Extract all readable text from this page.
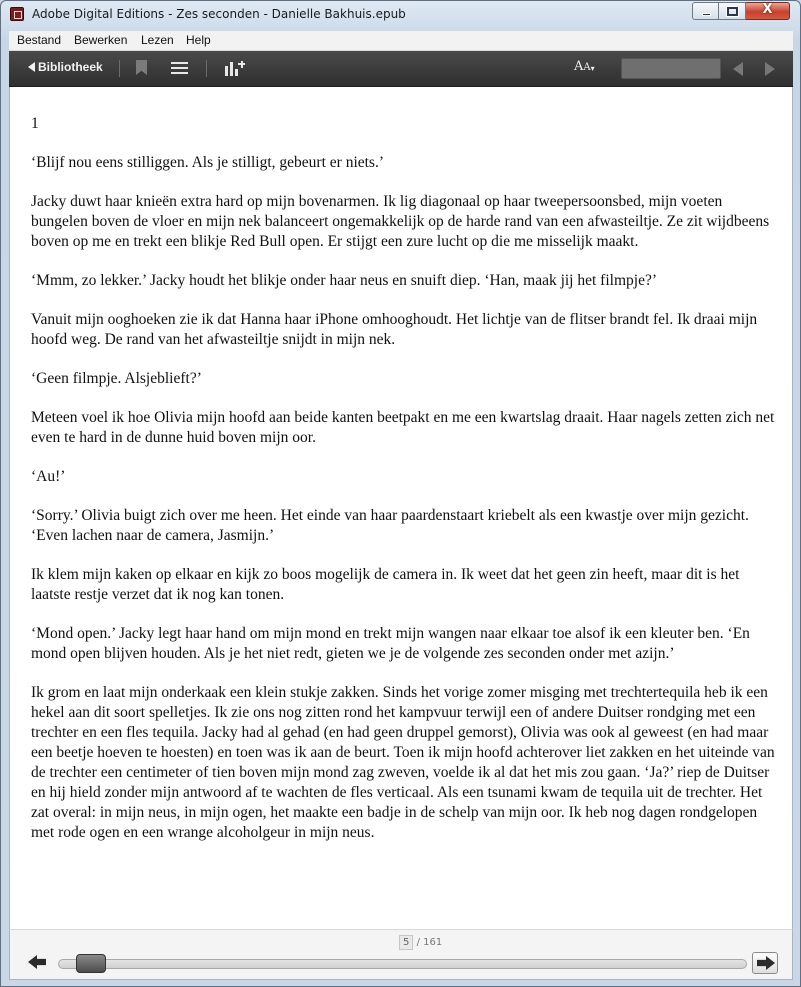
Adobe Digital Editions - Zes seconden - Danielle Bakhuis.epub	X
Bestand Bewerken Lezen Help
Bibliotheek	AA▾

1

‘Blijf nou eens stilliggen. Als je stilligt, gebeurt er niets.’

Jacky duwt haar knieën extra hard op mijn bovenarmen. Ik lig diagonaal op haar tweepersoonsbed, mijn voeten bungelen boven de vloer en mijn nek balanceert ongemakkelijk op de harde rand van een afwasteiltje. Ze zit wijdbeens boven op me en trekt een blikje Red Bull open. Er stijgt een zure lucht op die me misselijk maakt.

‘Mmm, zo lekker.’ Jacky houdt het blikje onder haar neus en snuift diep. ‘Han, maak jij het filmpje?’

Vanuit mijn ooghoeken zie ik dat Hanna haar iPhone omhooghoudt. Het lichtje van de flitser brandt fel. Ik draai mijn hoofd weg. De rand van het afwasteiltje snijdt in mijn nek.

‘Geen filmpje. Alsjeblieft?’

Meteen voel ik hoe Olivia mijn hoofd aan beide kanten beetpakt en me een kwartslag draait. Haar nagels zetten zich net even te hard in de dunne huid boven mijn oor.

‘Au!’

‘Sorry.’ Olivia buigt zich over me heen. Het einde van haar paardenstaart kriebelt als een kwastje over mijn gezicht. ‘Even lachen naar de camera, Jasmijn.’

Ik klem mijn kaken op elkaar en kijk zo boos mogelijk de camera in. Ik weet dat het geen zin heeft, maar dit is het laatste restje verzet dat ik nog kan tonen.

‘Mond open.’ Jacky legt haar hand om mijn mond en trekt mijn wangen naar elkaar toe alsof ik een kleuter ben. ‘En mond open blijven houden. Als je het niet redt, gieten we je de volgende zes seconden onder met azijn.’

Ik grom en laat mijn onderkaak een klein stukje zakken. Sinds het vorige zomer misging met trechtertequila heb ik een hekel aan dit soort spelletjes. Ik zie ons nog zitten rond het kampvuur terwijl een of andere Duitser rondging met een trechter en een fles tequila. Jacky had al gehad (en had geen druppel gemorst), Olivia was ook al geweest (en had maar een beetje hoeven te hoesten) en toen was ik aan de beurt. Toen ik mijn hoofd achterover liet zakken en het uiteinde van de trechter een centimeter of tien boven mijn mond zag zweven, voelde ik al dat het mis zou gaan. ‘Ja?’ riep de Duitser en hij hield zonder mijn antwoord af te wachten de fles verticaal. Als een tsunami kwam de tequila uit de trechter. Het zat overal: in mijn neus, in mijn ogen, het maakte een badje in de schelp van mijn oor. Ik heb nog dagen rondgelopen met rode ogen en een wrange alcoholgeur in mijn neus.

5 / 161
